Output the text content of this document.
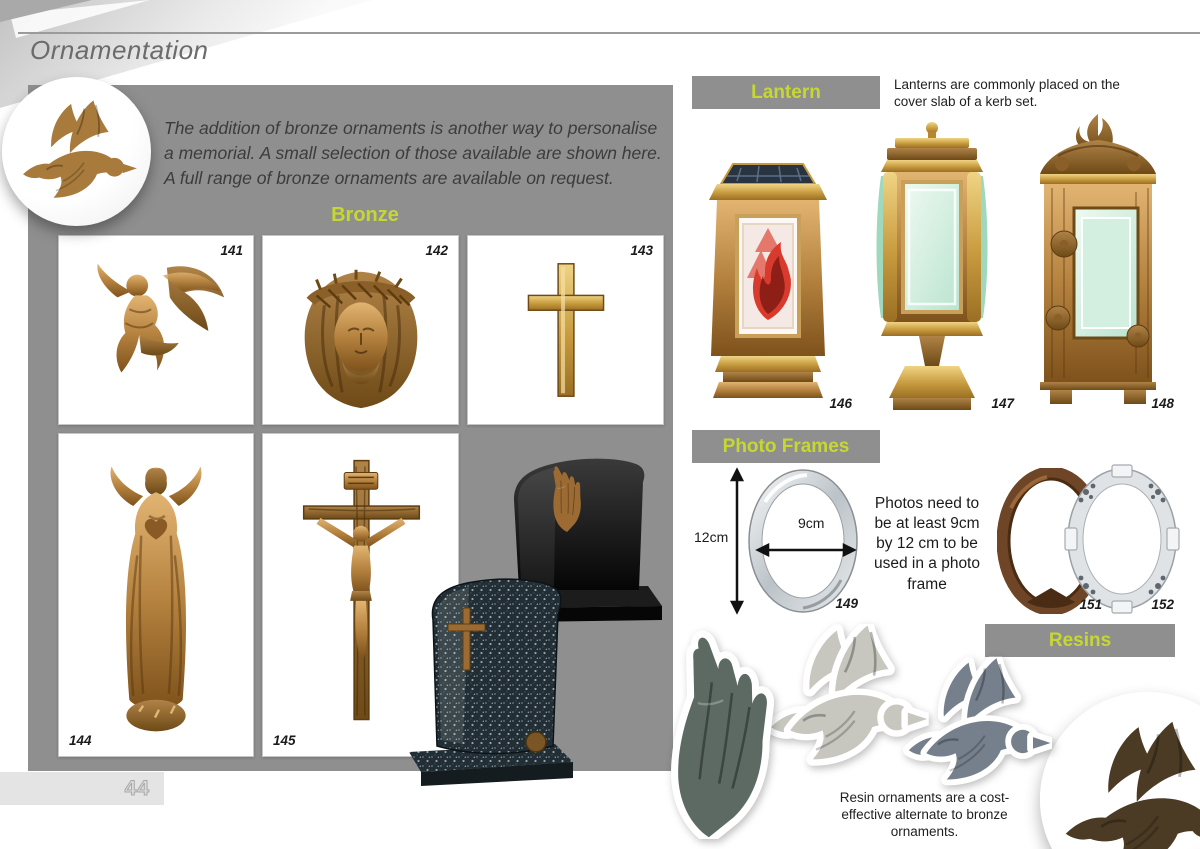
Ornamentation
The addition of bronze ornaments is another way to personalise a memorial. A small selection of those available are shown here. A full range of bronze ornaments are available on request.
Bronze
141	142	143
144	145
44
Lantern	Lanterns are commonly placed on the cover slab of a kerb set.
146	147	148
Photo Frames
12cm
9cm
Photos need to be at least 9cm by 12 cm to be used in a photo frame
149	151	152
Resins
Resin ornaments are a cost-effective alternate to bronze ornaments.
